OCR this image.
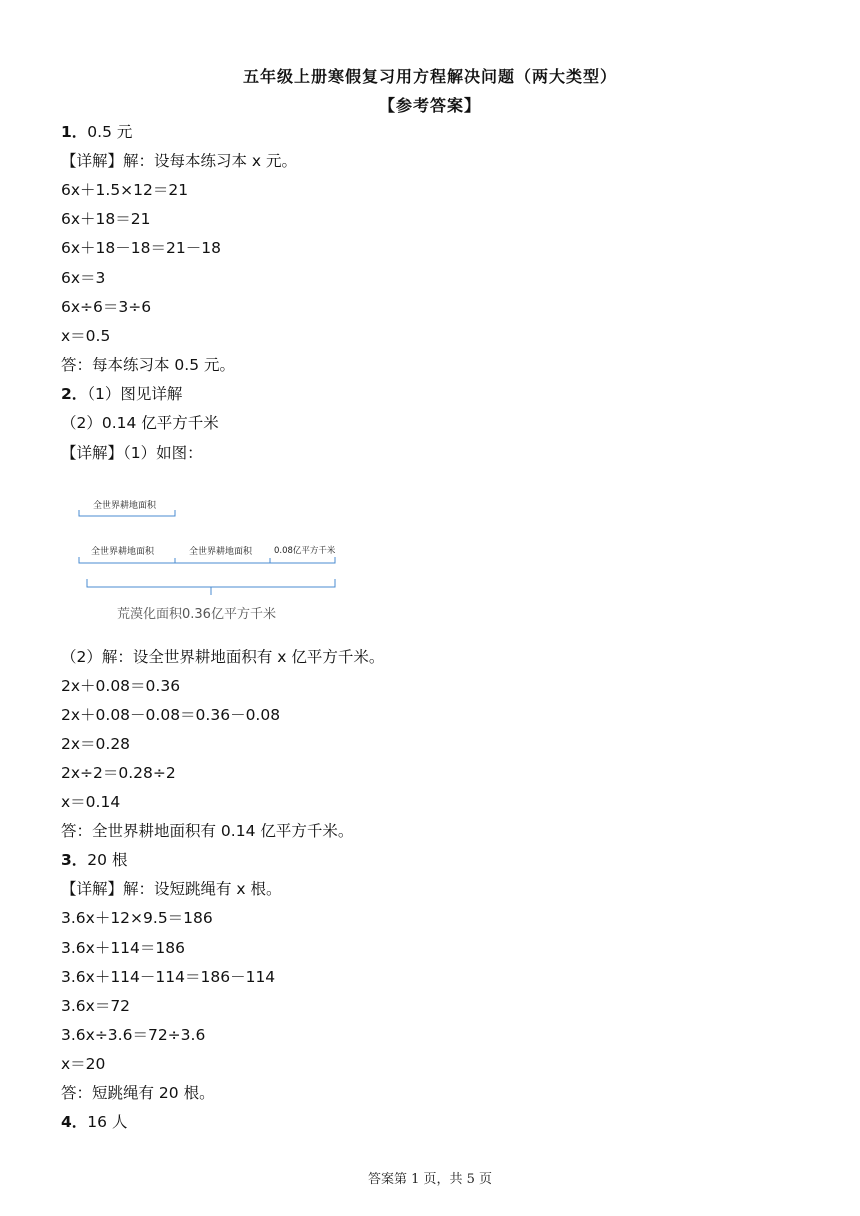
五年级上册寒假复习用方程解决问题（两大类型）
【参考答案】
1．0.5 元
【详解】解：设每本练习本 x 元。
6x＋1.5×12＝21
6x＋18＝21
6x＋18－18＝21－18
6x＝3
6x÷6＝3÷6
x＝0.5
答：每本练习本 0.5 元。
2．（1）图见详解
（2）0.14 亿平方千米
【详解】（1）如图：
全世界耕地面积
全世界耕地面积	全世界耕地面积	0.08亿平方千米
荒漠化面积0.36亿平方千米
（2）解：设全世界耕地面积有 x 亿平方千米。
2x＋0.08＝0.36
2x＋0.08－0.08＝0.36－0.08
2x＝0.28
2x÷2＝0.28÷2
x＝0.14
答：全世界耕地面积有 0.14 亿平方千米。
3．20 根
【详解】解：设短跳绳有 x 根。
3.6x＋12×9.5＝186
3.6x＋114＝186
3.6x＋114－114＝186－114
3.6x＝72
3.6x÷3.6＝72÷3.6
x＝20
答：短跳绳有 20 根。
4．16 人
答案第 1 页，共 5 页
